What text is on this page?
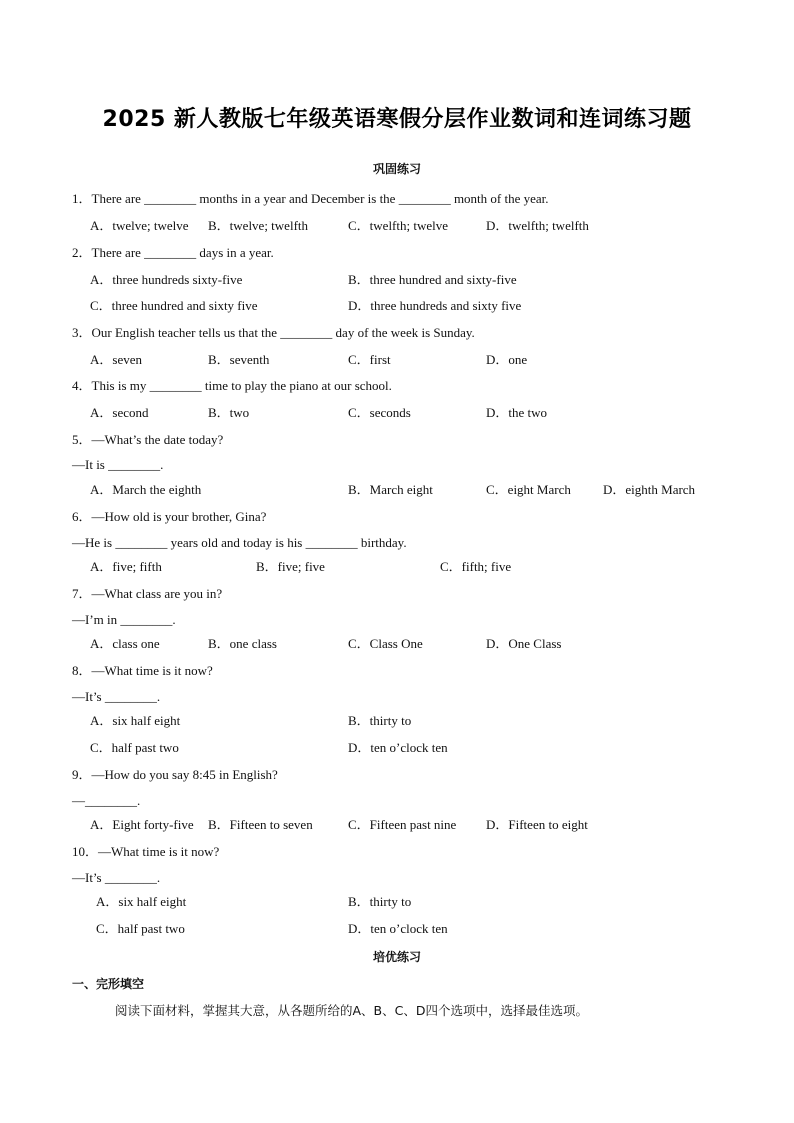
2025 新人教版七年级英语寒假分层作业数词和连词练习题
巩固练习
1．There are ________ months in a year and December is the ________ month of the year.
A．twelve; twelve B．twelve; twelfth	C．twelfth; twelve	D．twelfth; twelfth
2．There are ________ days in a year.
A．three hundreds sixty-five	B．three hundred and sixty-five
C．three hundred and sixty five	D．three hundreds and sixty five
3．Our English teacher tells us that the ________ day of the week is Sunday.
A．seven	B．seventh	C．first	D．one
4．This is my ________ time to play the piano at our school.
A．second	B．two	C．seconds	D．the two
5．—What’s the date today?
—It is ________.
A．March the eighth	B．March eight	C．eight March D．eighth March
6．—How old is your brother, Gina?
—He is ________ years old and today is his ________ birthday.
A．five; fifth	B．five; five	C．fifth; five
7．—What class are you in?
—I’m in ________.
A．class one	B．one class	C．Class One	D．One Class
8．—What time is it now?
—It’s ________.
A．six half eight	B．thirty to
C．half past two	D．ten o’clock ten
9．—How do you say 8:45 in English?
—________.
A．Eight forty-five B．Fifteen to seven	C．Fifteen past nine D．Fifteen to eight
10．—What time is it now?
—It’s ________.
A．six half eight	B．thirty to
C．half past two	D．ten o’clock ten
培优练习
一、完形填空
阅读下面材料，掌握其大意，从各题所给的A、B、C、D四个选项中，选择最佳选项。
